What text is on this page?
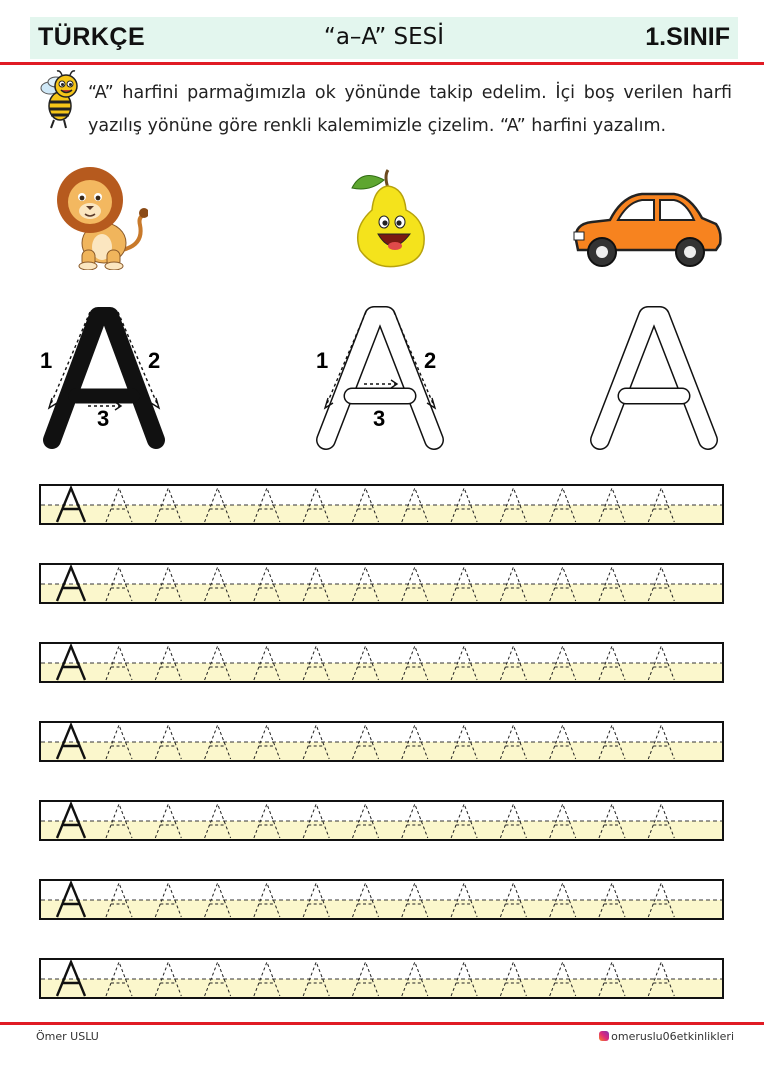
TÜRKÇE	“a–A” SESİ	1.SINIF
“A” harfini parmağımızla ok yönünde takip edelim. İçi boş verilen harfi yazılış yönüne göre renkli kalemimizle çizelim. “A” harfini yazalım.
1	2
3
1	2
3
Ömer USLU	omeruslu06etkinlikleri
